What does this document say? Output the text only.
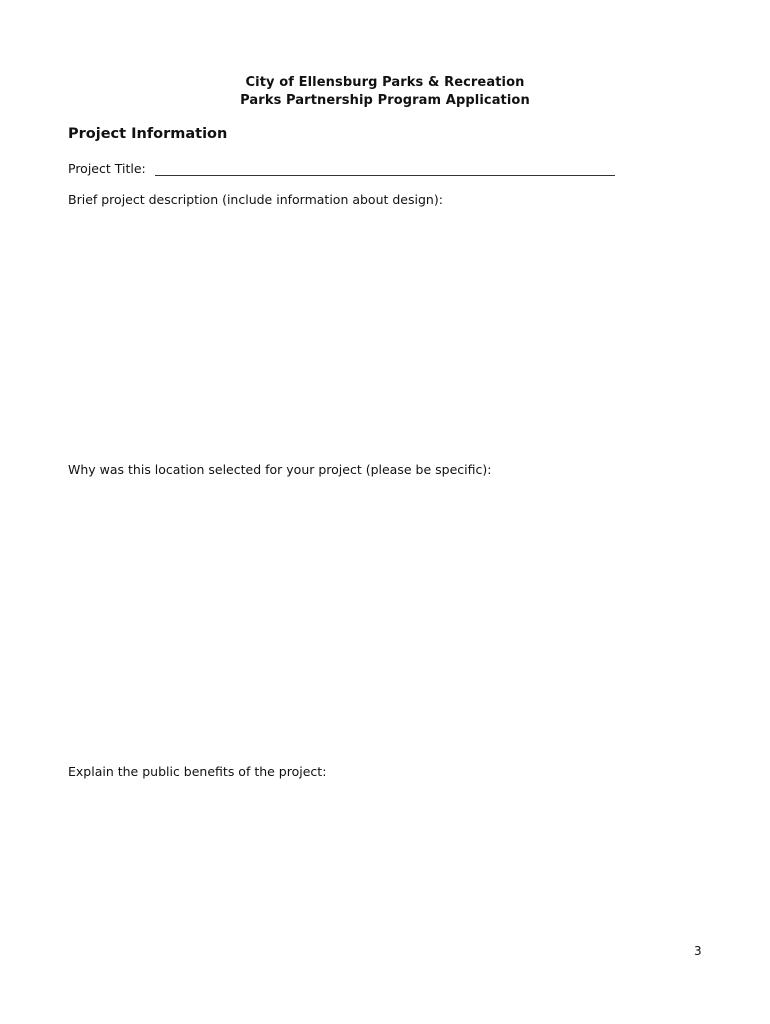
City of Ellensburg Parks & Recreation
Parks Partnership Program Application
Project Information
Project Title:
Brief project description (include information about design):
Why was this location selected for your project (please be specific):
Explain the public benefits of the project:
3
